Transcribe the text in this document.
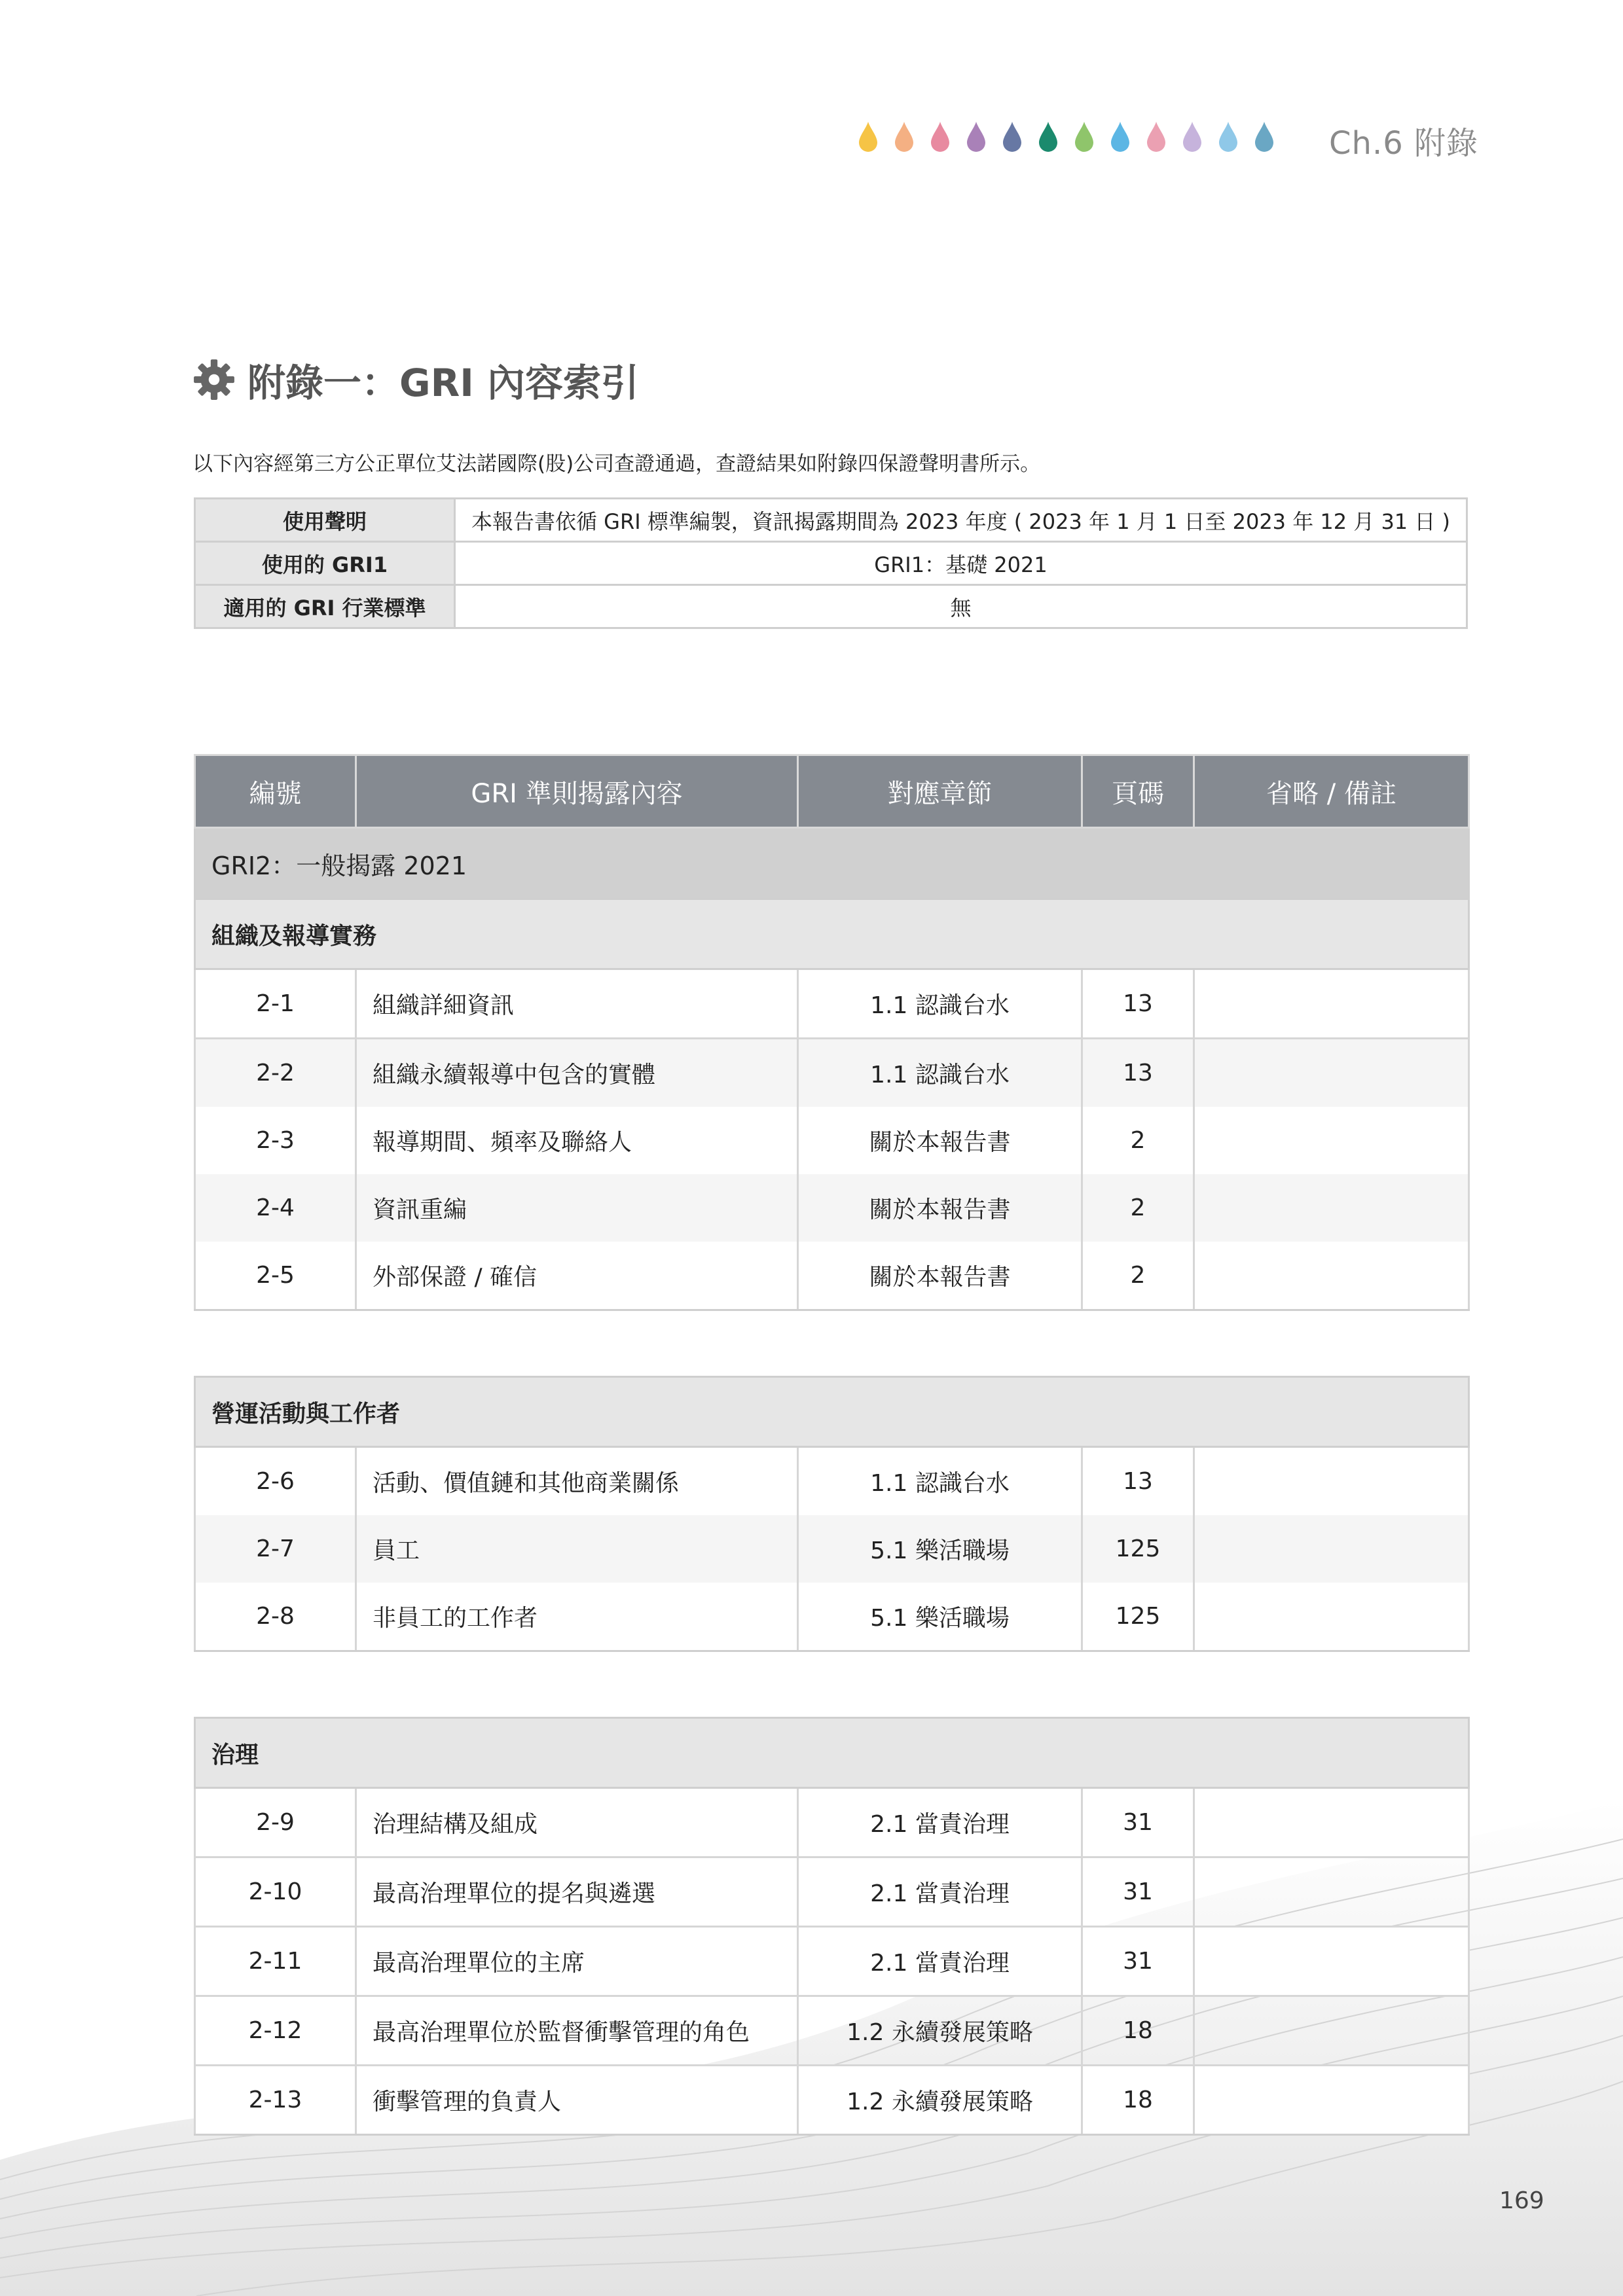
Ch.6 附錄
附錄一：GRI 內容索引
以下內容經第三方公正單位艾法諾國際(股)公司查證通過，查證結果如附錄四保證聲明書所示。
使用聲明	本報告書依循 GRI 標準編製，資訊揭露期間為 2023 年度 ( 2023 年 1 月 1 日至 2023 年 12 月 31 日 )
使用的 GRI1	GRI1：基礎 2021
適用的 GRI 行業標準	無
編號	GRI 準則揭露內容	對應章節	頁碼	省略 / 備註
GRI2：一般揭露 2021				
組織及報導實務				
2-1	組織詳細資訊	1.1 認識台水	13	
2-2	組織永續報導中包含的實體	1.1 認識台水	13	
2-3	報導期間、頻率及聯絡人	關於本報告書	2	
2-4	資訊重編	關於本報告書	2	
2-5	外部保證 / 確信	關於本報告書	2	
營運活動與工作者				
2-6	活動、價值鏈和其他商業關係	1.1 認識台水	13	
2-7	員工	5.1 樂活職場	125	
2-8	非員工的工作者	5.1 樂活職場	125	
治理				
2-9	治理結構及組成	2.1 當責治理	31	
2-10	最高治理單位的提名與遴選	2.1 當責治理	31	
2-11	最高治理單位的主席	2.1 當責治理	31	
2-12	最高治理單位於監督衝擊管理的角色	1.2 永續發展策略	18	
2-13	衝擊管理的負責人	1.2 永續發展策略	18	
169
